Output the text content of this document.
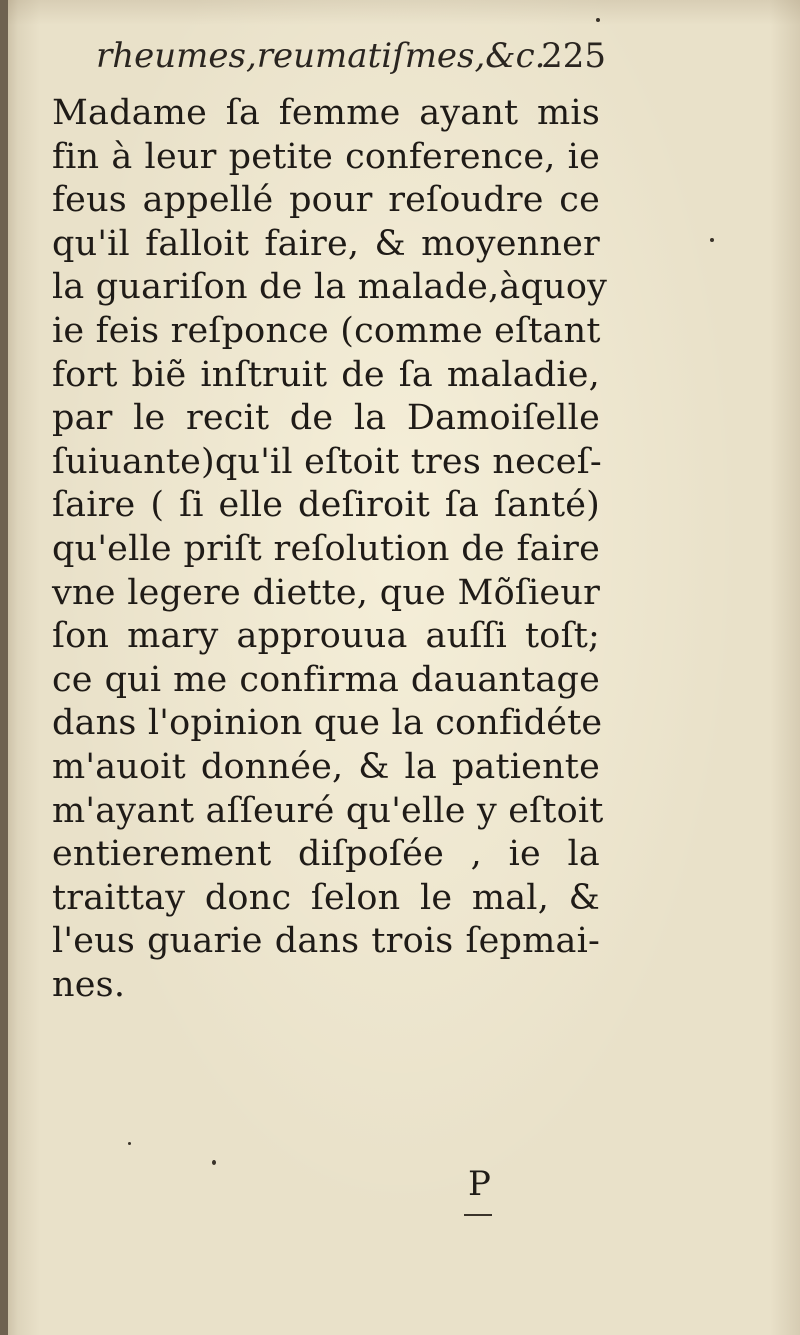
rheumes,reumatiſmes,&c.
225
Madame ſa femme ayant mis
fin à leur petite conference, ie
feus appellé pour reſoudre ce
qu'il falloit faire, & moyenner
la guariſon de la malade,àquoy
ie feis reſponce (comme eſtant
fort biẽ inſtruit de ſa maladie,
par le recit de la Damoiſelle
ſuiuante)qu'il eſtoit tres neceſ-
ſaire ( ſi elle deſiroit ſa ſanté)
qu'elle priſt reſolution de faire
vne legere diette, que Mõſieur
ſon mary approuua auſſi toſt;
ce qui me confirma dauantage
dans l'opinion que la confidéte
m'auoit donnée, & la patiente
m'ayant aſſeuré qu'elle y eſtoit
entierement diſpoſée , ie la
traittay donc ſelon le mal, &
l'eus guarie dans trois ſepmai-
nes.
P
